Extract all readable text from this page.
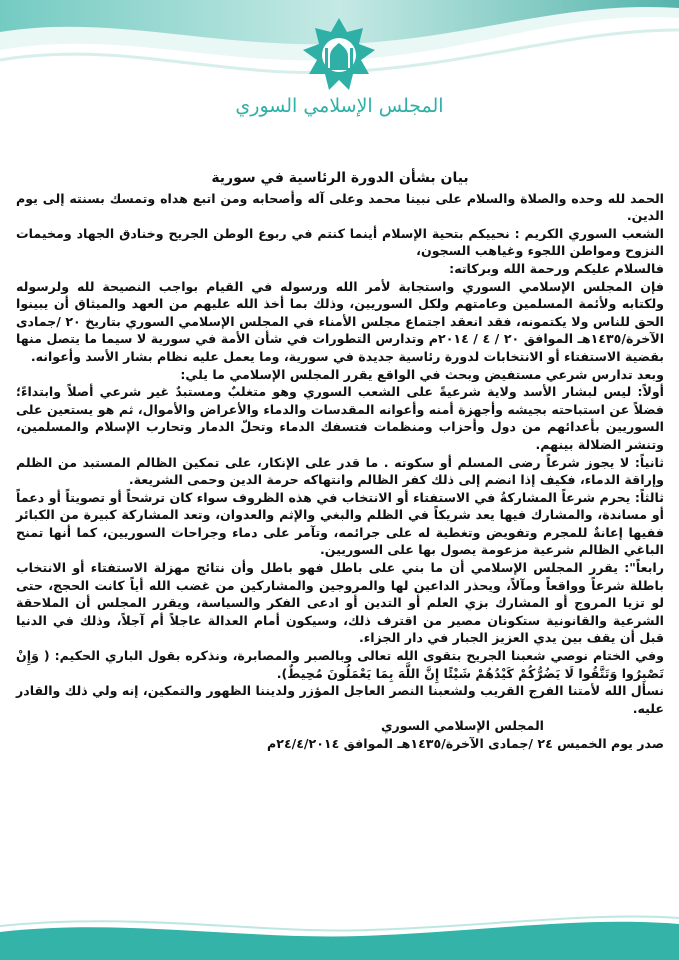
المجلس الإسلامي السوري

بيان بشأن الدورة الرئاسية في سورية

الحمد لله وحده والصلاة والسلام على نبينا محمد وعلى آله وأصحابه ومن اتبع هداه وتمسك بسنته إلى يوم الدين.

الشعب السوري الكريم : نحييكم بتحية الإسلام أينما كنتم في ربوع الوطن الجريح وخنادق الجهاد ومخيمات النزوح ومواطن اللجوء وغياهب السجون،

فالسلام عليكم ورحمة الله وبركاته:

فإن المجلس الإسلامي السوري واستجابة لأمر الله ورسوله في القيام بواجب النصيحة لله ولرسوله ولكتابه ولأئمة المسلمين وعامتهم ولكل السوريين، وذلك بما أخذ الله عليهم من العهد والميثاق أن يبينوا الحق للناس ولا يكتمونه، فقد انعقد اجتماع مجلس الأمناء في المجلس الإسلامي السوري بتاريخ ٢٠ /جمادى الآخرة/١٤٣٥هـ الموافق ٢٠ / ٤ / ٢٠١٤م وتدارس التطورات في شأن الأمة في سورية لا سيما ما يتصل منها بقضية الاستفتاء أو الانتخابات لدورة رئاسية جديدة في سورية، وما يعمل عليه نظام بشار الأسد وأعوانه.

وبعد تدارس شرعي مستفيض وبحث في الواقع يقرر المجلس الإسلامي ما يلي:

أولاً: ليس لبشار الأسد ولاية شرعيةً على الشعب السوري وهو متغلبٌ ومستبدٌ غير شرعي أصلاً وابتداءً؛ فضلاً عن استباحته بجيشه وأجهزة أمنه وأعوانه المقدسات والدماء والأعراض والأموال، ثم هو يستعين على السوريين بأعدائهم من دول وأحزاب ومنظمات فتسفك الدماء وتحلّ الدمار وتحارب الإسلام والمسلمين، وتنشر الضلالة بينهم.

ثانياً: لا يجوز شرعاً رضى المسلم أو سكوته . ما قدر على الإنكار، على تمكين الظالم المستبد من الظلم وإراقة الدماء، فكيف إذا انضم إلى ذلك كفر الظالم وانتهاكه حرمة الدين وحمى الشريعة.

ثالثاً: يحرم شرعاً المشاركةُ في الاستفتاء أو الانتخاب في هذه الظروف سواء كان ترشحاً أو تصويتاً أو دعماً أو مساندة، والمشارك فيها يعد شريكاً في الظلم والبغي والإثم والعدوان، وتعد المشاركة كبيرة من الكبائر ففيها إعانةٌ للمجرم وتفويض وتغطية له على جرائمه، وتآمر على دماء وجراحات السوريين، كما أنها تمنح الباغي الظالم شرعية مزعومة يصول بها على السوريين.

رابعاً": يقرر المجلس الإسلامي أن ما بني على باطل فهو باطل وأن نتائج مهزلة الاستفتاء أو الانتخاب باطلة شرعاً وواقعاً ومآلاً، ويحذر الداعين لها والمروجين والمشاركين من غضب الله أياً كانت الحجج، حتى لو تزيا المروج أو المشارك بزي العلم أو التدين أو ادعى الفكر والسياسة، ويقرر المجلس أن الملاحقة الشرعية والقانونية ستكونان مصير من اقترف ذلك، وسيكون أمام العدالة عاجلاً أم آجلاً، وذلك في الدنيا قبل أن يقف بين يدي العزيز الجبار في دار الجزاء.

وفي الختام نوصي شعبنا الجريح بتقوى الله تعالى وبالصبر والمصابرة، ونذكره بقول الباري الحكيم: ( وَإِنْ تَصْبِرُوا وَتَتَّقُوا لَا يَضُرُّكُمْ كَيْدُهُمْ شَيْئًا إِنَّ اللَّهَ بِمَا يَعْمَلُونَ مُحِيطٌ).

نسأل الله لأمتنا الفرج القريب ولشعبنا النصر العاجل المؤزر ولديننا الظهور والتمكين، إنه ولي ذلك والقادر عليه.

المجلس الإسلامي السوري

صدر يوم الخميس ٢٤ /جمادى الآخرة/١٤٣٥هـ الموافق ٢٤/٤/٢٠١٤م
